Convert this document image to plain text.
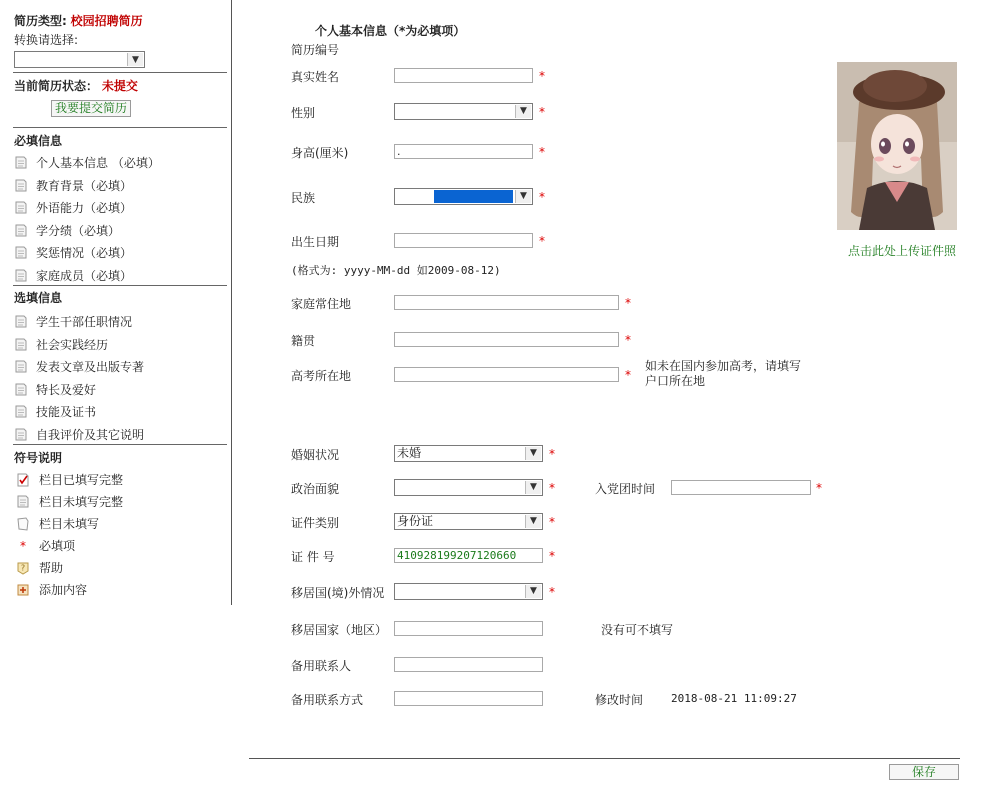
简历类型: 校园招聘简历
转换请选择:
▼
当前简历状态： 未提交
我要提交简历
必填信息
个人基本信息 （必填）
教育背景（必填）
外语能力（必填）
学分绩（必填）
奖惩情况（必填）
家庭成员（必填）
选填信息
学生干部任职情况
社会实践经历
发表文章及出版专著
特长及爱好
技能及证书
自我评价及其它说明
符号说明
栏目已填写完整
栏目未填写完整
栏目未填写
* 必填项
? 帮助
添加内容
个人基本信息（*为必填项）
简历编号
真实姓名	*
性别	▼	*
身高(厘米)	.	*
民族	▼	*
出生日期	*
(格式为: yyyy-MM-dd 如2009-08-12)
家庭常住地	*
籍贯	*
高考所在地	*
如未在国内参加高考，请填写户口所在地
婚姻状况	未婚	▼	*
政治面貌	▼	*	入党团时间	*
证件类别	身份证	▼	*
证 件 号	410928199207120660	*
移居国(境)外情况	▼	*
移居国家（地区）	没有可不填写
备用联系人
备用联系方式	修改时间	2018-08-21 11:09:27
点击此处上传证件照
保存
